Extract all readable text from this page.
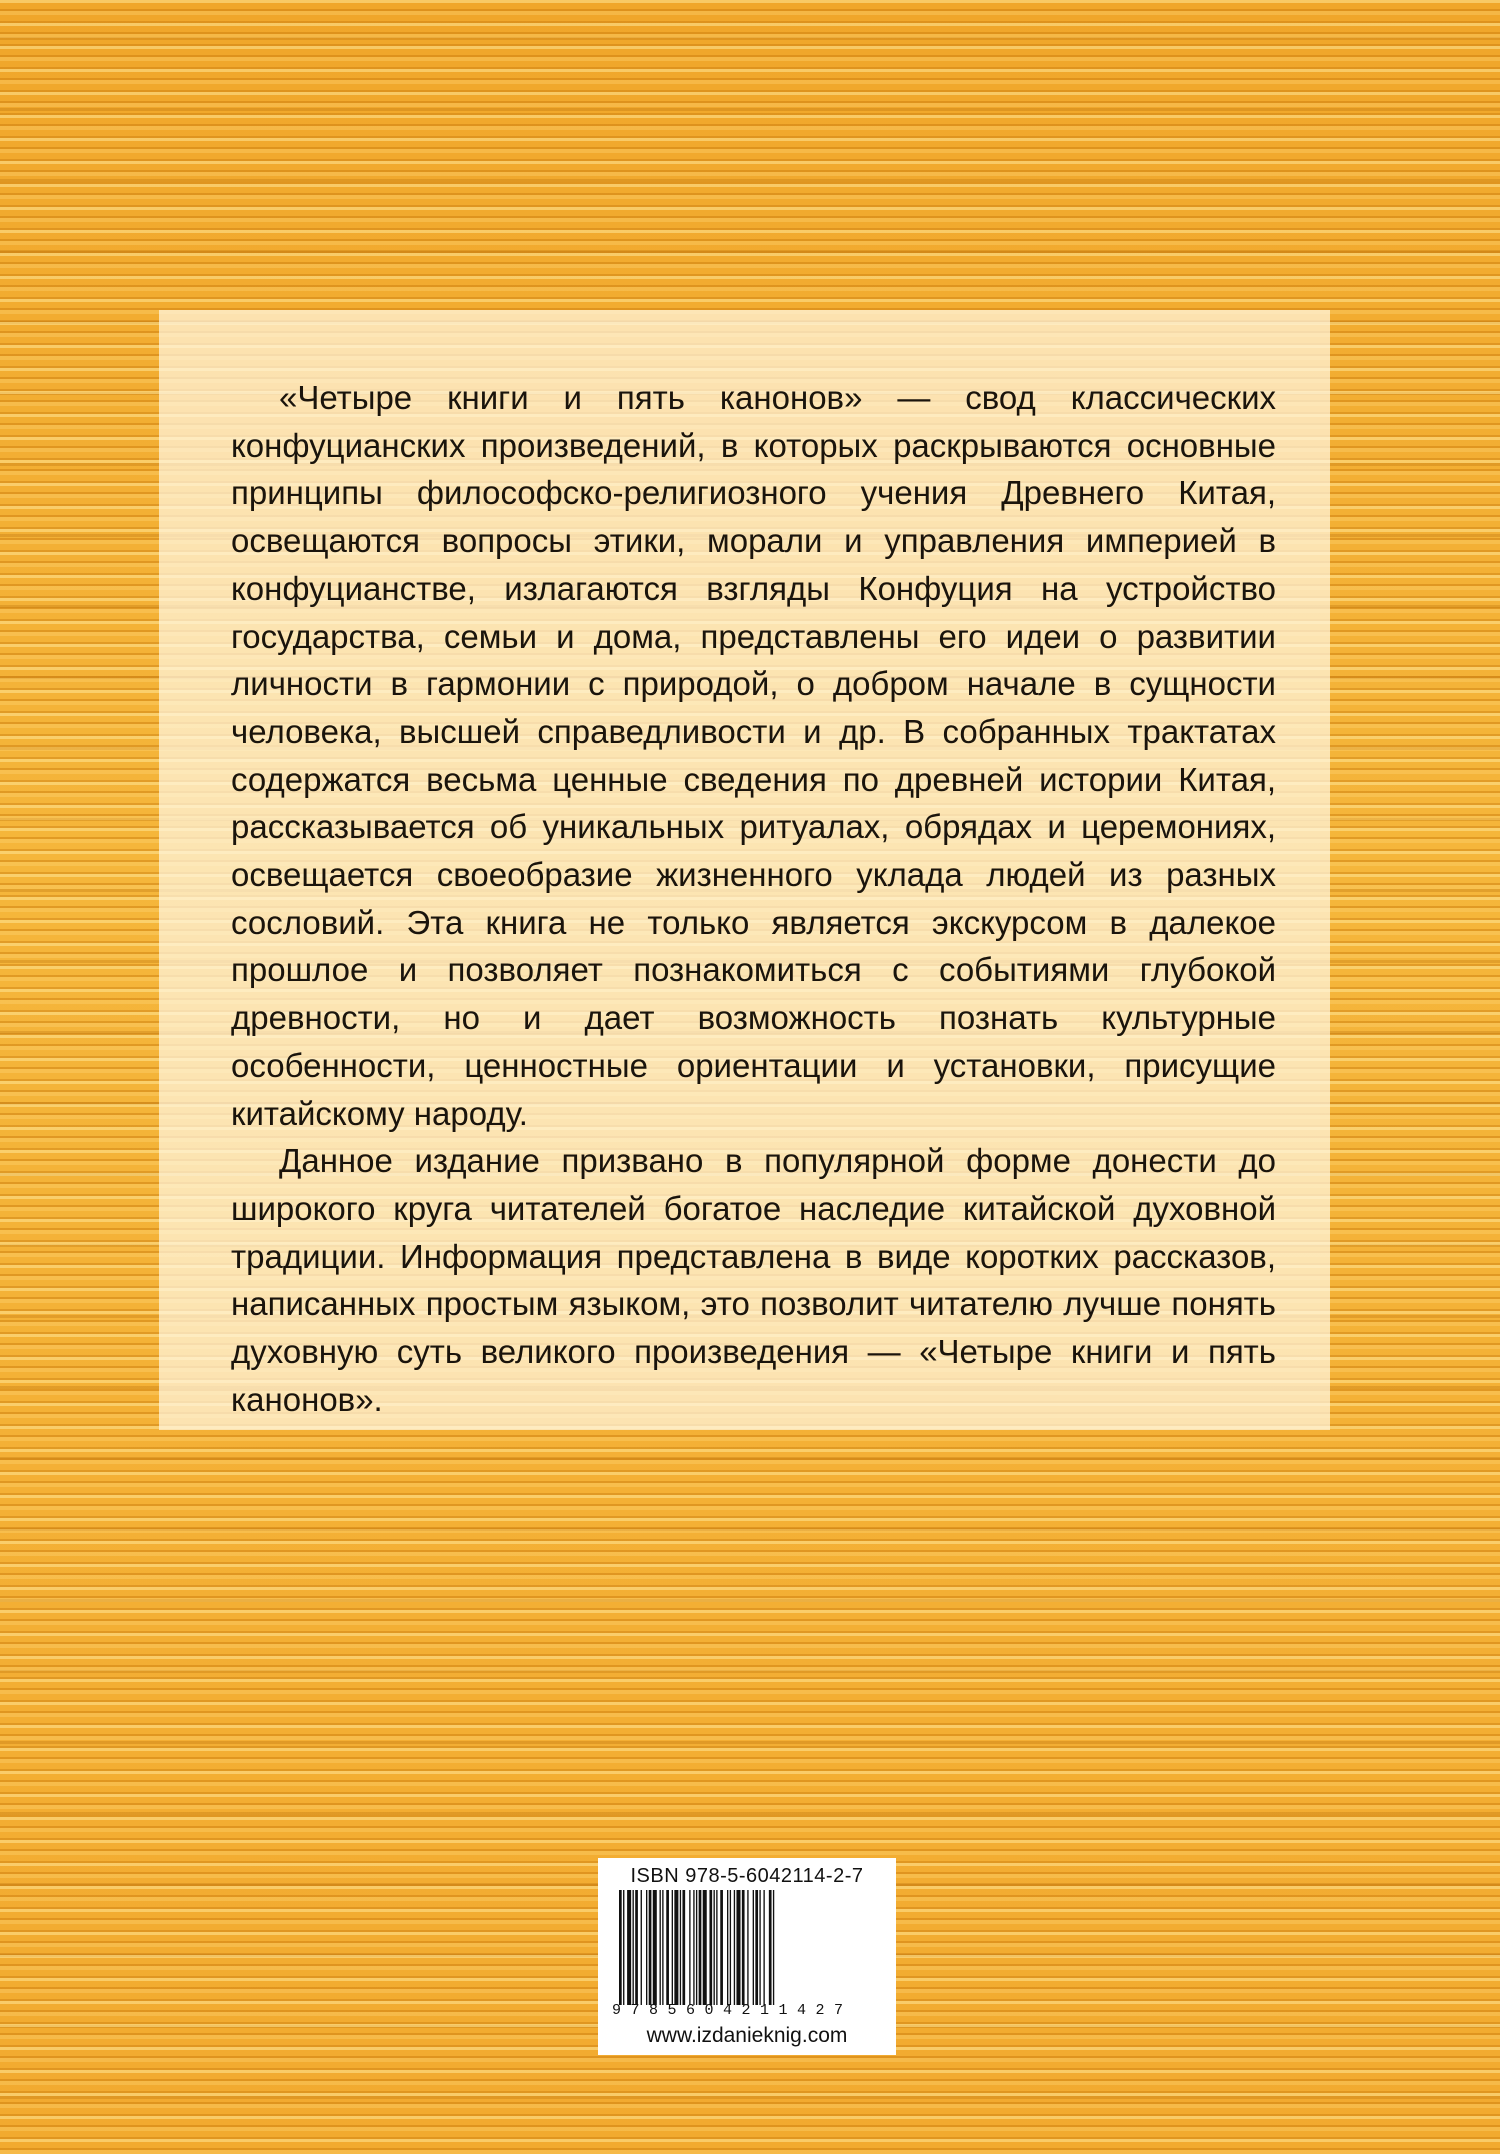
«Четыре книги и пять канонов» — свод классических конфуцианских произведений, в которых раскрываются основные принципы философско-религиозного учения Древнего Китая, освещаются вопросы этики, морали и управления империей в конфуцианстве, излагаются взгляды Конфуция на устройство государства, семьи и дома, представлены его идеи о развитии личности в гармонии с природой, о добром начале в сущности человека, высшей справедливости и др. В собранных трактатах содержатся весьма ценные сведения по древней истории Китая, рассказывается об уникальных ритуалах, обрядах и церемониях, освещается своеобразие жизненного уклада людей из разных сословий. Эта книга не только является экскурсом в далекое прошлое и позволяет познакомиться с событиями глубокой древности, но и дает возможность познать культурные особенности, ценностные ориентации и установки, присущие китайскому народу.

Данное издание призвано в популярной форме донести до широкого круга читателей богатое наследие китайской духовной традиции. Информация представлена в виде коротких рассказов, написанных простым языком, это позволит читателю лучше понять духовную суть великого произведения — «Четыре книги и пять канонов».

ISBN 978-5-6042114-2-7
9785604211427
www.izdanieknig.com
